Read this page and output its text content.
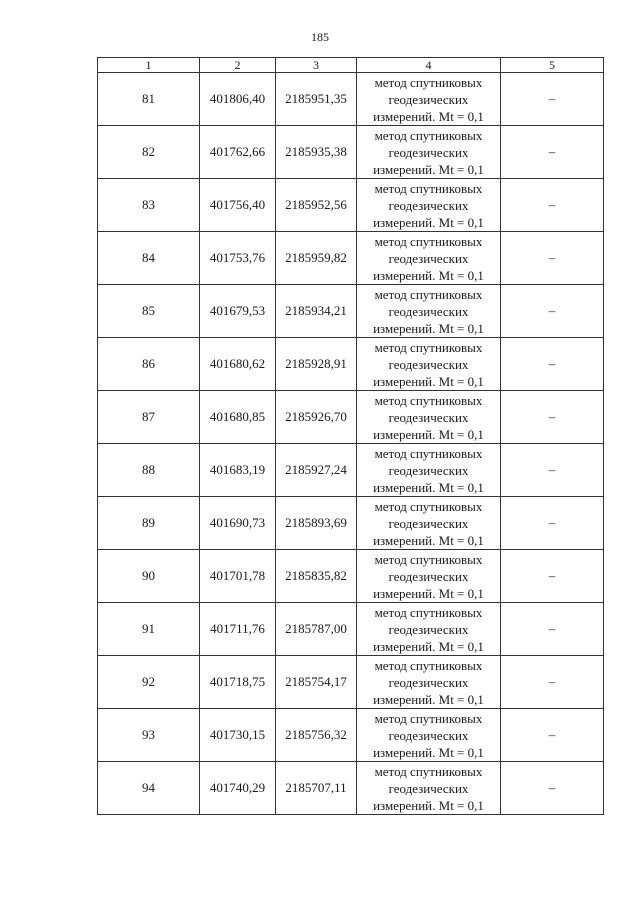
185
1	2	3	4	5
81	401806,40	2185951,35	метод спутниковых
геодезических
измерений. Mt = 0,1	–
82	401762,66	2185935,38	метод спутниковых
геодезических
измерений. Mt = 0,1	–
83	401756,40	2185952,56	метод спутниковых
геодезических
измерений. Mt = 0,1	–
84	401753,76	2185959,82	метод спутниковых
геодезических
измерений. Mt = 0,1	–
85	401679,53	2185934,21	метод спутниковых
геодезических
измерений. Mt = 0,1	–
86	401680,62	2185928,91	метод спутниковых
геодезических
измерений. Mt = 0,1	–
87	401680,85	2185926,70	метод спутниковых
геодезических
измерений. Mt = 0,1	–
88	401683,19	2185927,24	метод спутниковых
геодезических
измерений. Mt = 0,1	–
89	401690,73	2185893,69	метод спутниковых
геодезических
измерений. Mt = 0,1	–
90	401701,78	2185835,82	метод спутниковых
геодезических
измерений. Mt = 0,1	–
91	401711,76	2185787,00	метод спутниковых
геодезических
измерений. Mt = 0,1	–
92	401718,75	2185754,17	метод спутниковых
геодезических
измерений. Mt = 0,1	–
93	401730,15	2185756,32	метод спутниковых
геодезических
измерений. Mt = 0,1	–
94	401740,29	2185707,11	метод спутниковых
геодезических
измерений. Mt = 0,1	–
